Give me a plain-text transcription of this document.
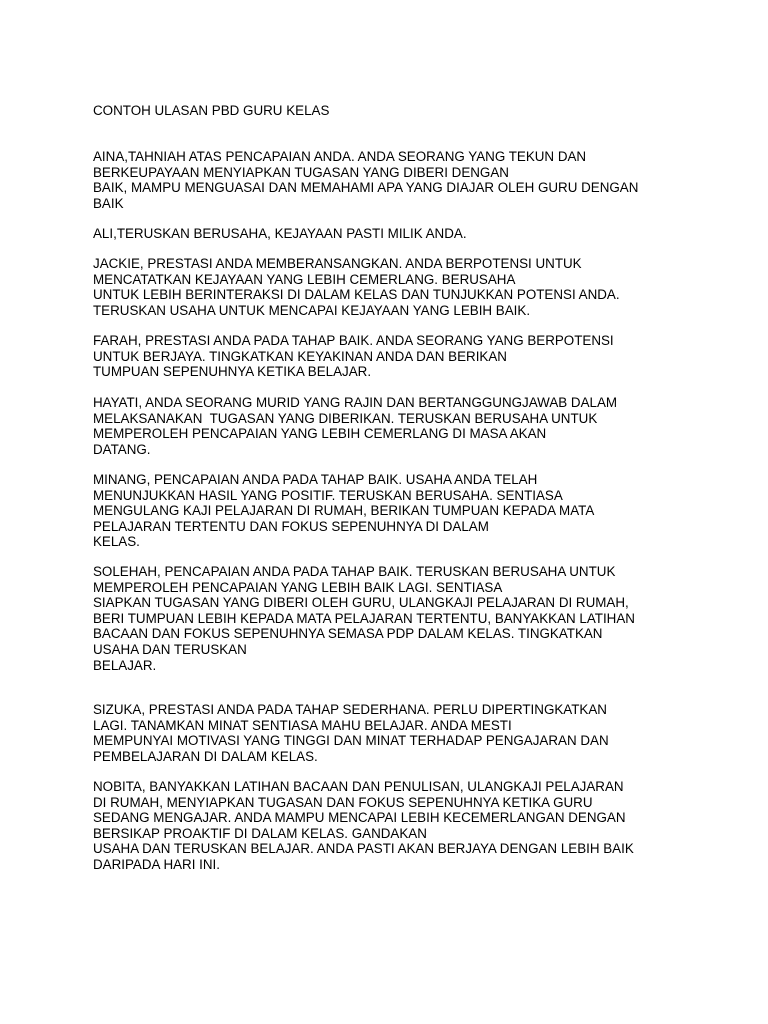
CONTOH ULASAN PBD GURU KELAS

AINA,TAHNIAH ATAS PENCAPAIAN ANDA. ANDA SEORANG YANG TEKUN DAN
BERKEUPAYAAN MENYIAPKAN TUGASAN YANG DIBERI DENGAN
BAIK, MAMPU MENGUASAI DAN MEMAHAMI APA YANG DIAJAR OLEH GURU DENGAN
BAIK

ALI,TERUSKAN BERUSAHA, KEJAYAAN PASTI MILIK ANDA.

JACKIE, PRESTASI ANDA MEMBERANSANGKAN. ANDA BERPOTENSI UNTUK
MENCATATKAN KEJAYAAN YANG LEBIH CEMERLANG. BERUSAHA
UNTUK LEBIH BERINTERAKSI DI DALAM KELAS DAN TUNJUKKAN POTENSI ANDA.
TERUSKAN USAHA UNTUK MENCAPAI KEJAYAAN YANG LEBIH BAIK.

FARAH, PRESTASI ANDA PADA TAHAP BAIK. ANDA SEORANG YANG BERPOTENSI
UNTUK BERJAYA. TINGKATKAN KEYAKINAN ANDA DAN BERIKAN
TUMPUAN SEPENUHNYA KETIKA BELAJAR.

HAYATI, ANDA SEORANG MURID YANG RAJIN DAN BERTANGGUNGJAWAB DALAM
MELAKSANAKAN  TUGASAN YANG DIBERIKAN. TERUSKAN BERUSAHA UNTUK
MEMPEROLEH PENCAPAIAN YANG LEBIH CEMERLANG DI MASA AKAN
DATANG.

MINANG, PENCAPAIAN ANDA PADA TAHAP BAIK. USAHA ANDA TELAH
MENUNJUKKAN HASIL YANG POSITIF. TERUSKAN BERUSAHA. SENTIASA
MENGULANG KAJI PELAJARAN DI RUMAH, BERIKAN TUMPUAN KEPADA MATA
PELAJARAN TERTENTU DAN FOKUS SEPENUHNYA DI DALAM
KELAS.

SOLEHAH, PENCAPAIAN ANDA PADA TAHAP BAIK. TERUSKAN BERUSAHA UNTUK
MEMPEROLEH PENCAPAIAN YANG LEBIH BAIK LAGI. SENTIASA
SIAPKAN TUGASAN YANG DIBERI OLEH GURU, ULANGKAJI PELAJARAN DI RUMAH,
BERI TUMPUAN LEBIH KEPADA MATA PELAJARAN TERTENTU, BANYAKKAN LATIHAN
BACAAN DAN FOKUS SEPENUHNYA SEMASA PDP DALAM KELAS. TINGKATKAN
USAHA DAN TERUSKAN
BELAJAR.

SIZUKA, PRESTASI ANDA PADA TAHAP SEDERHANA. PERLU DIPERTINGKATKAN
LAGI. TANAMKAN MINAT SENTIASA MAHU BELAJAR. ANDA MESTI
MEMPUNYAI MOTIVASI YANG TINGGI DAN MINAT TERHADAP PENGAJARAN DAN
PEMBELAJARAN DI DALAM KELAS.

NOBITA, BANYAKKAN LATIHAN BACAAN DAN PENULISAN, ULANGKAJI PELAJARAN
DI RUMAH, MENYIAPKAN TUGASAN DAN FOKUS SEPENUHNYA KETIKA GURU
SEDANG MENGAJAR. ANDA MAMPU MENCAPAI LEBIH KECEMERLANGAN DENGAN
BERSIKAP PROAKTIF DI DALAM KELAS. GANDAKAN
USAHA DAN TERUSKAN BELAJAR. ANDA PASTI AKAN BERJAYA DENGAN LEBIH BAIK
DARIPADA HARI INI.
